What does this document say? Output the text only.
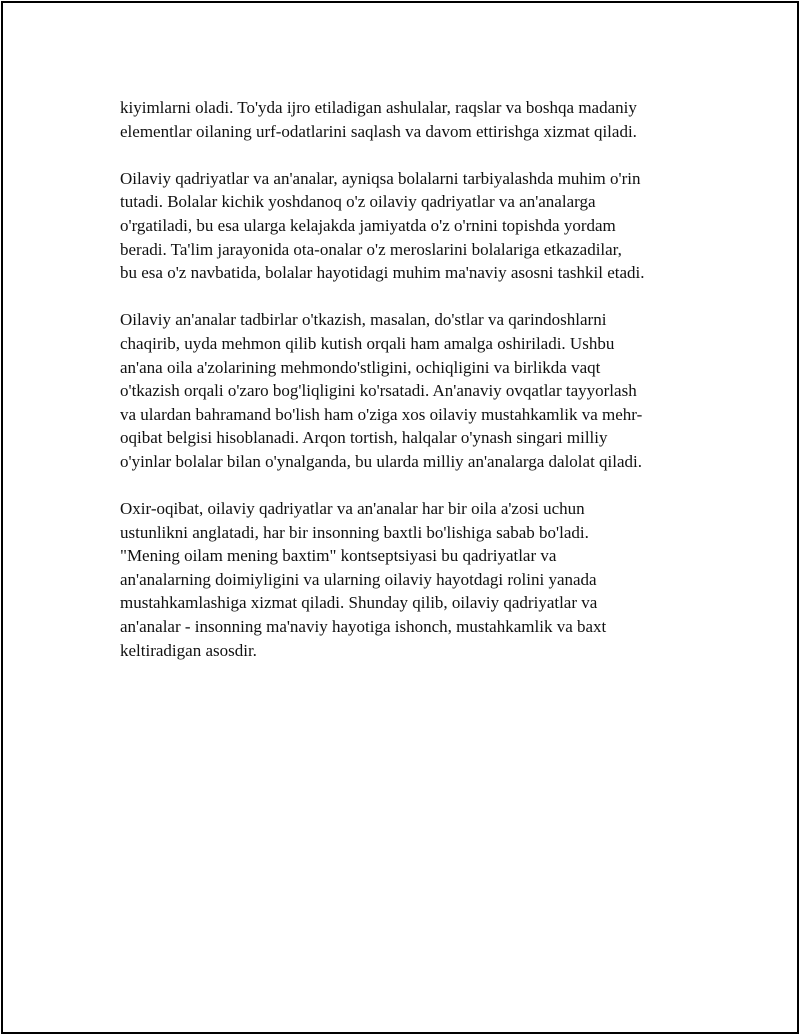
kiyimlarni oladi. To'yda ijro etiladigan ashulalar, raqslar va boshqa madaniy
elementlar oilaning urf-odatlarini saqlash va davom ettirishga xizmat qiladi.

Oilaviy qadriyatlar va an'analar, ayniqsa bolalarni tarbiyalashda muhim o'rin
tutadi. Bolalar kichik yoshdanoq o'z oilaviy qadriyatlar va an'analarga
o'rgatiladi, bu esa ularga kelajakda jamiyatda o'z o'rnini topishda yordam
beradi. Ta'lim jarayonida ota-onalar o'z meroslarini bolalariga etkazadilar,
bu esa o'z navbatida, bolalar hayotidagi muhim ma'naviy asosni tashkil etadi.

Oilaviy an'analar tadbirlar o'tkazish, masalan, do'stlar va qarindoshlarni
chaqirib, uyda mehmon qilib kutish orqali ham amalga oshiriladi. Ushbu
an'ana oila a'zolarining mehmondo'stligini, ochiqligini va birlikda vaqt
o'tkazish orqali o'zaro bog'liqligini ko'rsatadi. An'anaviy ovqatlar tayyorlash
va ulardan bahramand bo'lish ham o'ziga xos oilaviy mustahkamlik va mehr-
oqibat belgisi hisoblanadi. Arqon tortish, halqalar o'ynash singari milliy
o'yinlar bolalar bilan o'ynalganda, bu ularda milliy an'analarga dalolat qiladi.

Oxir-oqibat, oilaviy qadriyatlar va an'analar har bir oila a'zosi uchun
ustunlikni anglatadi, har bir insonning baxtli bo'lishiga sabab bo'ladi.
"Mening oilam mening baxtim" kontseptsiyasi bu qadriyatlar va
an'analarning doimiyligini va ularning oilaviy hayotdagi rolini yanada
mustahkamlashiga xizmat qiladi. Shunday qilib, oilaviy qadriyatlar va
an'analar - insonning ma'naviy hayotiga ishonch, mustahkamlik va baxt
keltiradigan asosdir.
